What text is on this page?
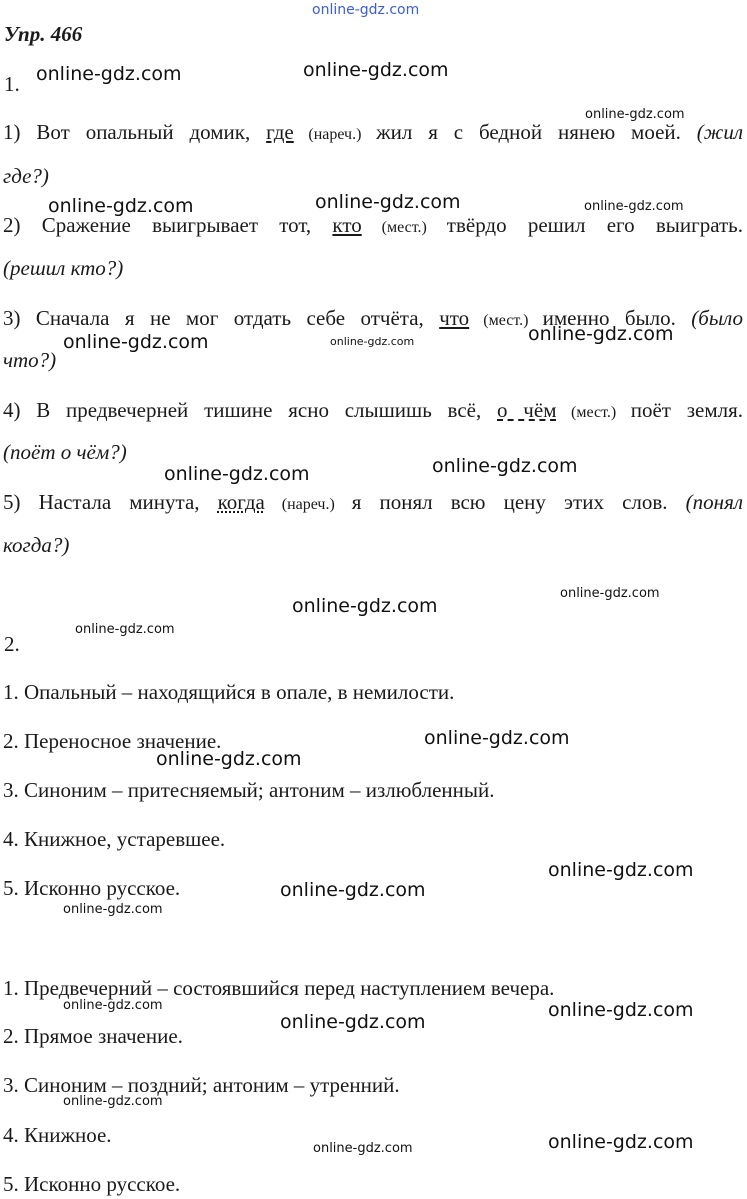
online-gdz.com
Упр. 466
1.
1) Вот опальный домик, где (нареч.) жил я с бедной нянею моей. (жил
где?)
2) Сражение выигрывает тот, кто (мест.) твёрдо решил его выиграть.
(решил кто?)
3) Сначала я не мог отдать себе отчёта, что (мест.) именно было. (было
что?)
4) В предвечерней тишине ясно слышишь всё, о чём (мест.) поёт земля.
(поёт о чём?)
5) Настала минута, когда (нареч.) я понял всю цену этих слов. (понял
когда?)
2.
1. Опальный – находящийся в опале, в немилости.
2. Переносное значение.
3. Синоним – притесняемый; антоним – излюбленный.
4. Книжное, устаревшее.
5. Исконно русское.
1. Предвечерний – состоявшийся перед наступлением вечера.
2. Прямое значение.
3. Синоним – поздний; антоним – утренний.
4. Книжное.
5. Исконно русское.
online-gdz.com	online-gdz.com
online-gdz.com
online-gdz.com	online-gdz.com	online-gdz.com
online-gdz.com	online-gdz.com	online-gdz.com
online-gdz.com	online-gdz.com
online-gdz.com
online-gdz.com
online-gdz.com
online-gdz.com
online-gdz.com
online-gdz.com
online-gdz.com
online-gdz.com
online-gdz.com	online-gdz.com
online-gdz.com
online-gdz.com
online-gdz.com
online-gdz.com
